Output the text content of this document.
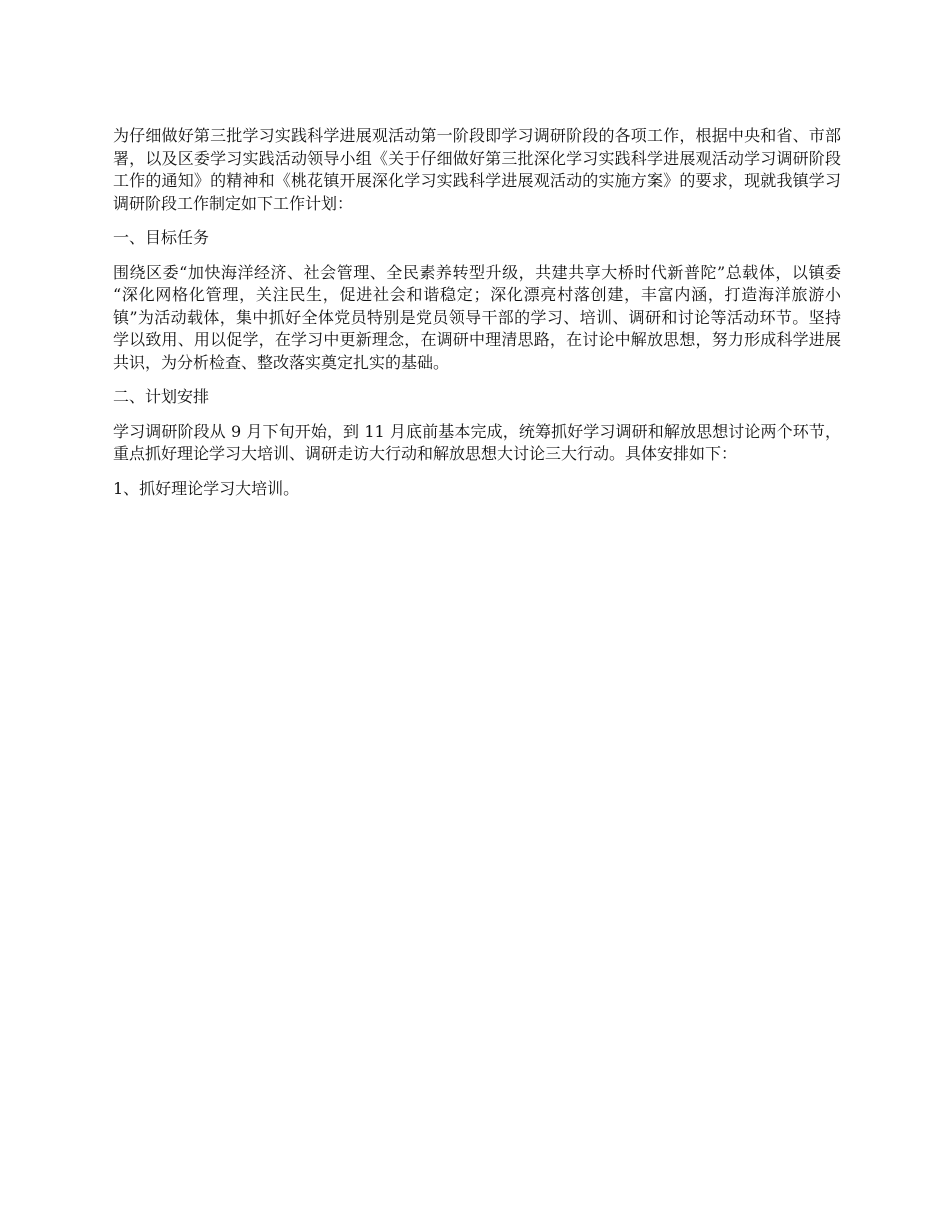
为仔细做好第三批学习实践科学进展观活动第一阶段即学习调研阶段的各项工作，根据中央和省、市部署，以及区委学习实践活动领导小组《关于仔细做好第三批深化学习实践科学进展观活动学习调研阶段工作的通知》的精神和《桃花镇开展深化学习实践科学进展观活动的实施方案》的要求，现就我镇学习调研阶段工作制定如下工作计划：

一、目标任务

围绕区委“加快海洋经济、社会管理、全民素养转型升级，共建共享大桥时代新普陀”总载体，以镇委 “深化网格化管理，关注民生，促进社会和谐稳定；深化漂亮村落创建，丰富内涵，打造海洋旅游小镇”为活动载体，集中抓好全体党员特别是党员领导干部的学习、培训、调研和讨论等活动环节。坚持学以致用、用以促学，在学习中更新理念，在调研中理清思路，在讨论中解放思想，努力形成科学进展共识，为分析检查、整改落实奠定扎实的基础。

二、计划安排

学习调研阶段从 9 月下旬开始，到 11 月底前基本完成，统筹抓好学习调研和解放思想讨论两个环节，重点抓好理论学习大培训、调研走访大行动和解放思想大讨论三大行动。具体安排如下：

1、抓好理论学习大培训。
